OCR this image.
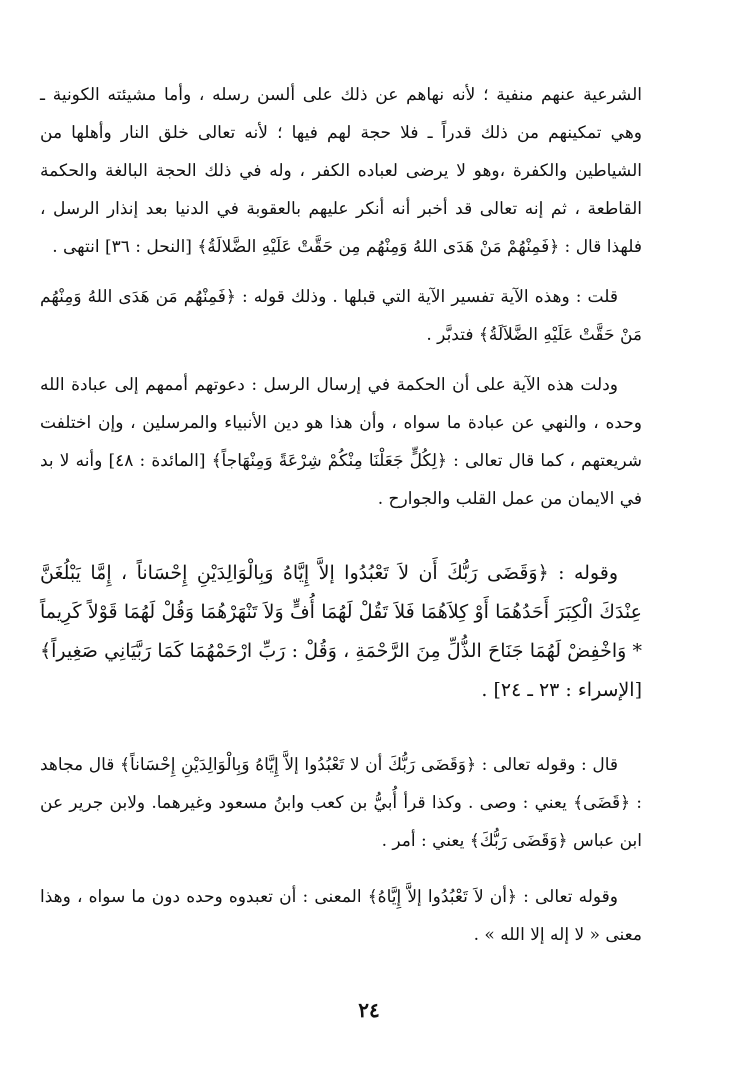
الشرعية عنهم منفية ؛ لأنه نهاهم عن ذلك على ألسن رسله ، وأما مشيئته الكونية ـ وهي تمكينهم من ذلك قدراً ـ فلا حجة لهم فيها ؛ لأنه تعالى خلق النار وأهلها من الشياطين والكفرة ،وهو لا يرضى لعباده الكفر ، وله في ذلك الحجة البالغة والحكمة القاطعة ، ثم إنه تعالى قد أخبر أنه أنكر عليهم بالعقوبة في الدنيا بعد إنذار الرسل ، فلهذا قال : ﴿فَمِنْهُمْ مَنْ هَدَى اللهُ وَمِنْهُم مِن حَقَّتْ عَلَيْهِ الضَّلالَةُ﴾ [النحل : ٣٦] انتهى .

قلت : وهذه الآية تفسير الآية التي قبلها . وذلك قوله : ﴿فَمِنْهُم مَن هَدَى اللهُ وَمِنْهُم مَنْ حَقَّتْ عَلَيْهِ الضَّلاَلَةُ﴾ فتدبَّر .

ودلت هذه الآية على أن الحكمة في إرسال الرسل : دعوتهم أممهم إلى عبادة الله وحده ، والنهي عن عبادة ما سواه ، وأن هذا هو دين الأنبياء والمرسلين ، وإن اختلفت شريعتهم ، كما قال تعالى : ﴿لِكُلٍّ جَعَلْنَا مِنْكُمْ شِرْعَةً وَمِنْهَاجاً﴾ [المائدة : ٤٨] وأنه لا بد في الايمان من عمل القلب والجوارح .

وقوله : ﴿وَقَضَى رَبُّكَ أَن لاَ تَعْبُدُوا إلاَّ إِيَّاهُ وَبِالْوَالِدَيْنِ إِحْسَاناً ، إِمَّا يَبْلُغَنَّ عِنْدَكَ الْكِبَرَ أَحَدُهُمَا أَوْ كِلاَهُمَا فَلاَ تَقُلْ لَهُمَا أُفٍّ وَلاَ تَنْهَرْهُمَا وَقُلْ لَهُمَا قَوْلاً كَرِيماً * وَاخْفِضْ لَهُمَا جَنَاحَ الذُّلِّ مِنَ الرَّحْمَةِ ، وَقُلْ : رَبِّ ارْحَمْهُمَا كَمَا رَبَّيَانِي صَغِيراً﴾ [الإسراء : ٢٣ ـ ٢٤] .

قال : وقوله تعالى : ﴿وَقَضَى رَبُّكَ أن لا تَعْبُدُوا إلاَّ إِيَّاهُ وَبِالْوَالِدَيْنِ إِحْسَاناً﴾ قال مجاهد : ﴿قَضَى﴾ يعني : وصى . وكذا قرأ أُبيُّ بن كعب وابنُ مسعود وغيرهما. ولابن جرير عن ابن عباس ﴿وَقَضَى رَبُّكَ﴾ يعني : أمر .

وقوله تعالى : ﴿أن لاَ تَعْبُدُوا إلاَّ إِيَّاهُ﴾ المعنى : أن تعبدوه وحده دون ما سواه ، وهذا معنى « لا إله إلا الله » .

٢٤
